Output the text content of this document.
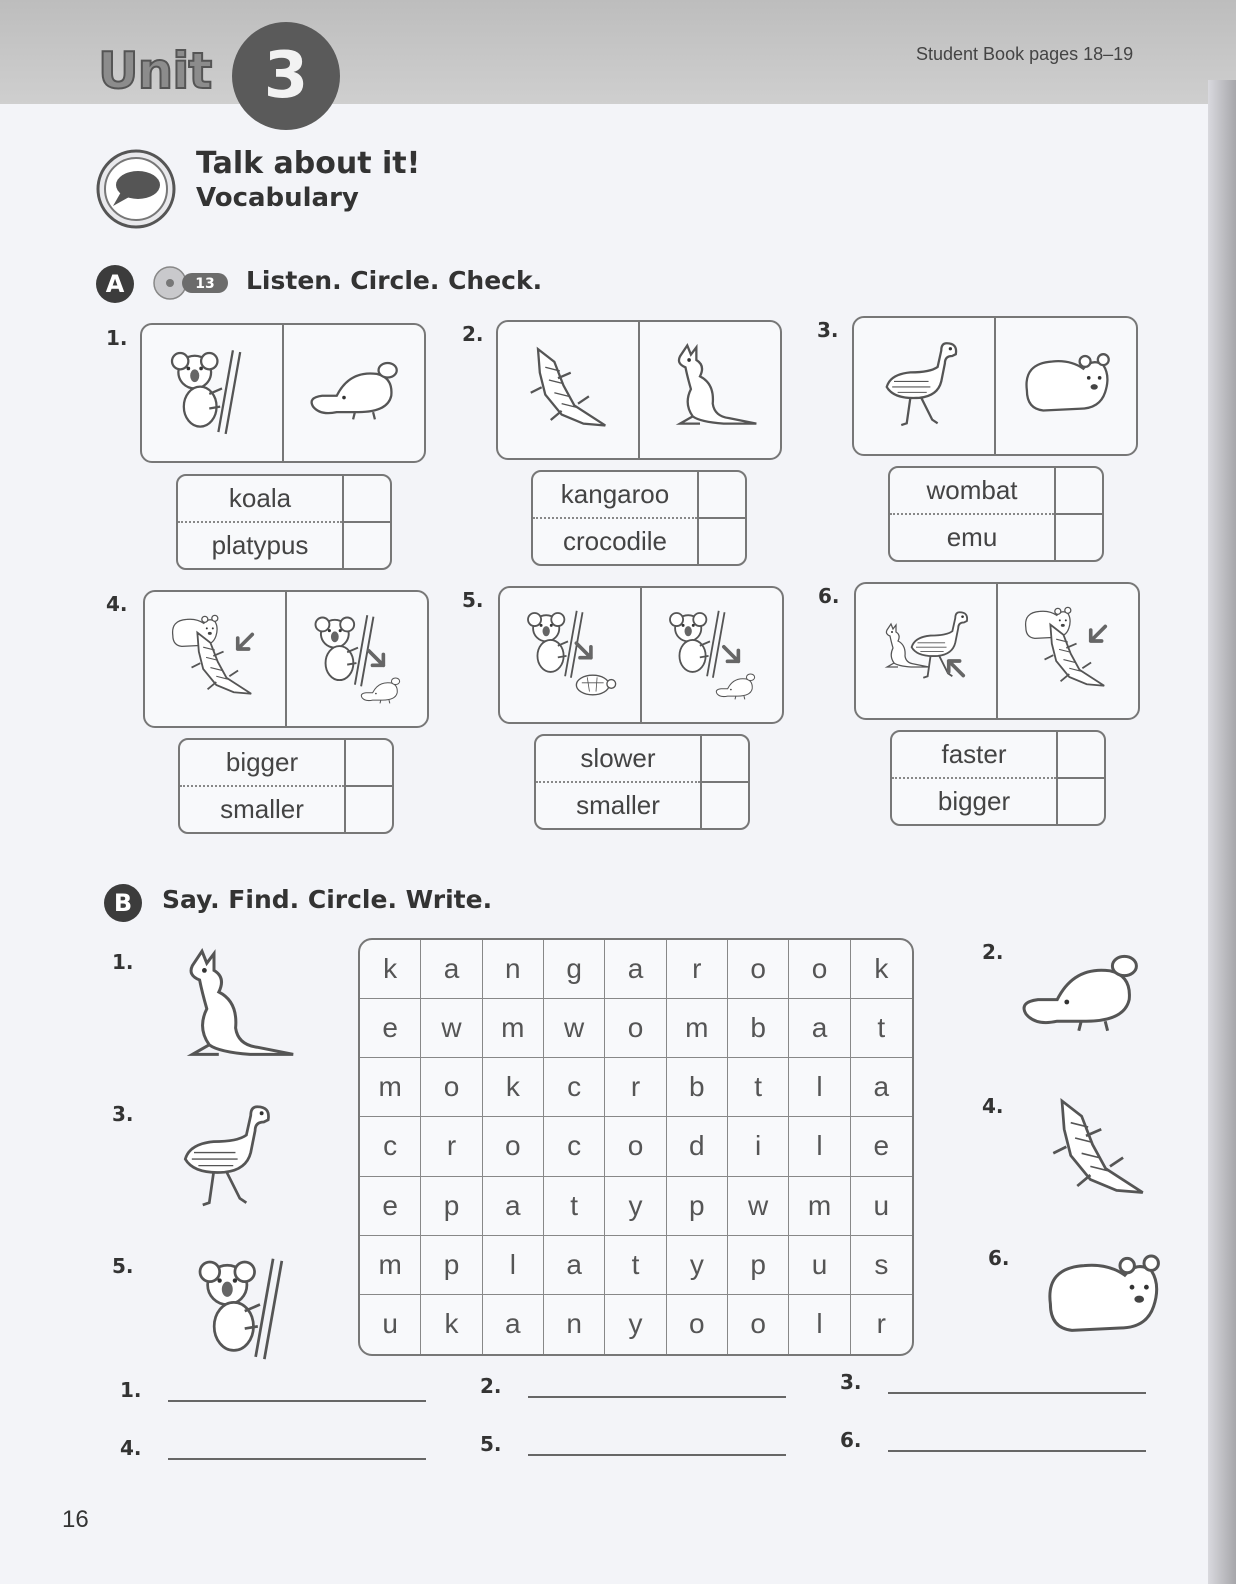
Unit 3	Student Book pages 18–19
Talk about it!
Vocabulary
A	13 Listen. Circle. Check.
1.
koala
platypus
2.
kangaroo
crocodile
3.
wombat
emu
4.
bigger
smaller
5.
slower
smaller
6.
faster
bigger
B	Say. Find. Circle. Write.
1.
3.
5.
2.
4.
6.
k	a	n	g	a	r	o	o	k
e	w	m	w	o	m	b	a	t
m	o	k	c	r	b	t	l	a
c	r	o	c	o	d	i	l	e
e	p	a	t	y	p	w	m	u
m	p	l	a	t	y	p	u	s
u	k	a	n	y	o	o	l	r
1.	2.	3.
4.	5.	6.
16
